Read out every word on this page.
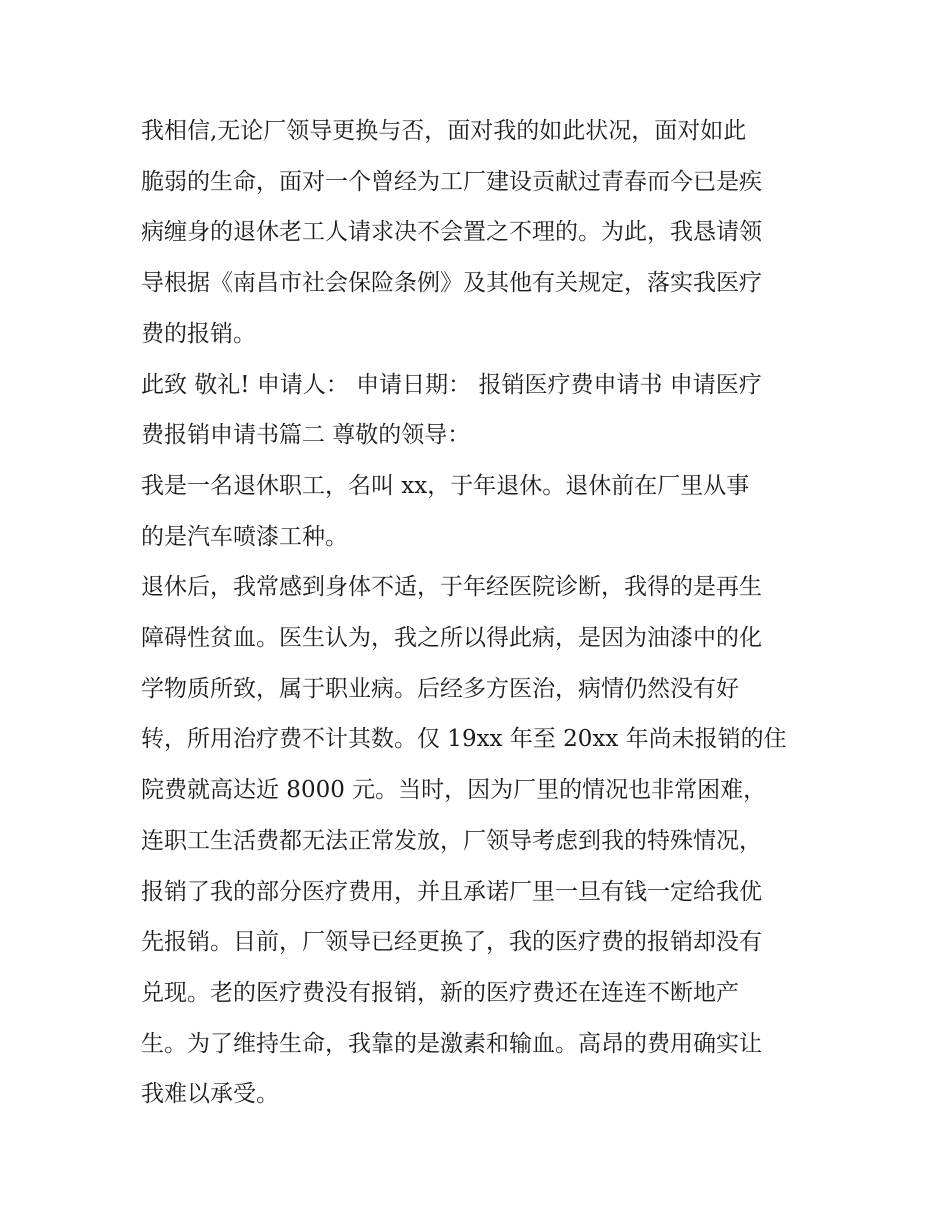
我相信,无论厂领导更换与否，面对我的如此状况，面对如此
脆弱的生命，面对一个曾经为工厂建设贡献过青春而今已是疾
病缠身的退休老工人请求决不会置之不理的。为此，我恳请领
导根据《南昌市社会保险条例》及其他有关规定，落实我医疗
费的报销。

此致 敬礼! 申请人： 申请日期： 报销医疗费申请书 申请医疗
费报销申请书篇二 尊敬的领导：

我是一名退休职工，名叫 xx，于年退休。退休前在厂里从事
的是汽车喷漆工种。

退休后，我常感到身体不适，于年经医院诊断，我得的是再生
障碍性贫血。医生认为，我之所以得此病，是因为油漆中的化
学物质所致，属于职业病。后经多方医治，病情仍然没有好
转，所用治疗费不计其数。仅 19xx 年至 20xx 年尚未报销的住
院费就高达近 8000 元。当时，因为厂里的情况也非常困难，
连职工生活费都无法正常发放，厂领导考虑到我的特殊情况，
报销了我的部分医疗费用，并且承诺厂里一旦有钱一定给我优
先报销。目前，厂领导已经更换了，我的医疗费的报销却没有
兑现。老的医疗费没有报销，新的医疗费还在连连不断地产
生。为了维持生命，我靠的是激素和输血。高昂的费用确实让
我难以承受。
